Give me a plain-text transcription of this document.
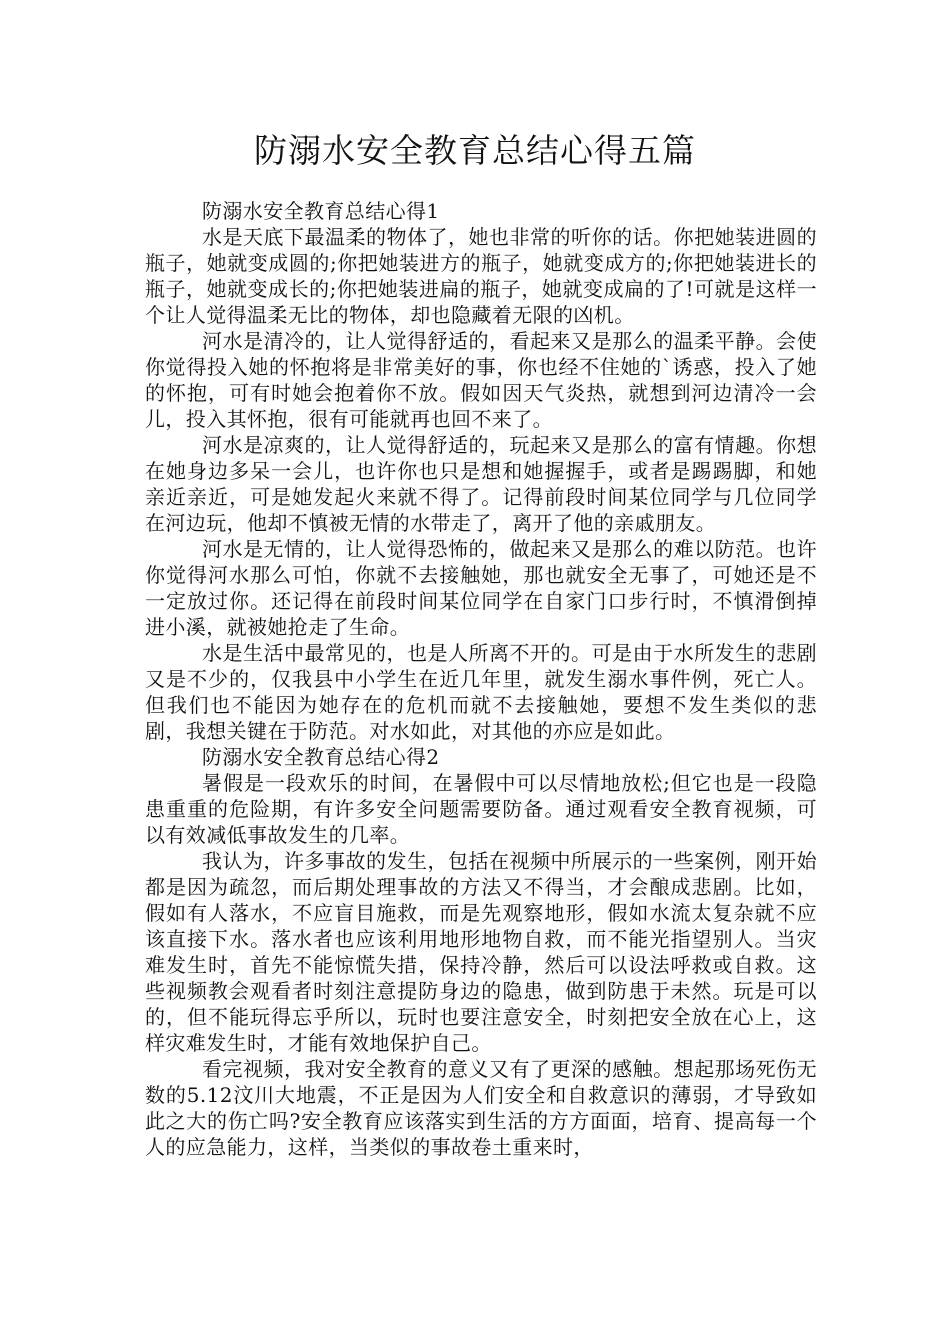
防溺水安全教育总结心得五篇

防溺水安全教育总结心得1

水是天底下最温柔的物体了，她也非常的听你的话。你把她装进圆的瓶子，她就变成圆的;你把她装进方的瓶子，她就变成方的;你把她装进长的瓶子，她就变成长的;你把她装进扁的瓶子，她就变成扁的了!可就是这样一个让人觉得温柔无比的物体，却也隐藏着无限的凶机。

河水是清冷的，让人觉得舒适的，看起来又是那么的温柔平静。会使你觉得投入她的怀抱将是非常美好的事，你也经不住她的`诱惑，投入了她的怀抱，可有时她会抱着你不放。假如因天气炎热，就想到河边清冷一会儿，投入其怀抱，很有可能就再也回不来了。

河水是凉爽的，让人觉得舒适的，玩起来又是那么的富有情趣。你想在她身边多呆一会儿，也许你也只是想和她握握手，或者是踢踢脚，和她亲近亲近，可是她发起火来就不得了。记得前段时间某位同学与几位同学在河边玩，他却不慎被无情的水带走了，离开了他的亲戚朋友。

河水是无情的，让人觉得恐怖的，做起来又是那么的难以防范。也许你觉得河水那么可怕，你就不去接触她，那也就安全无事了，可她还是不一定放过你。还记得在前段时间某位同学在自家门口步行时，不慎滑倒掉进小溪，就被她抢走了生命。

水是生活中最常见的，也是人所离不开的。可是由于水所发生的悲剧又是不少的，仅我县中小学生在近几年里，就发生溺水事件例，死亡人。但我们也不能因为她存在的危机而就不去接触她，要想不发生类似的悲剧，我想关键在于防范。对水如此，对其他的亦应是如此。

防溺水安全教育总结心得2

暑假是一段欢乐的时间，在暑假中可以尽情地放松;但它也是一段隐患重重的危险期，有许多安全问题需要防备。通过观看安全教育视频，可以有效减低事故发生的几率。

我认为，许多事故的发生，包括在视频中所展示的一些案例，刚开始都是因为疏忽，而后期处理事故的方法又不得当，才会酿成悲剧。比如，假如有人落水，不应盲目施救，而是先观察地形，假如水流太复杂就不应该直接下水。落水者也应该利用地形地物自救，而不能光指望别人。当灾难发生时，首先不能惊慌失措，保持冷静，然后可以设法呼救或自救。这些视频教会观看者时刻注意提防身边的隐患，做到防患于未然。玩是可以的，但不能玩得忘乎所以，玩时也要注意安全，时刻把安全放在心上，这样灾难发生时，才能有效地保护自己。

看完视频，我对安全教育的意义又有了更深的感触。想起那场死伤无数的5.12汶川大地震，不正是因为人们安全和自救意识的薄弱，才导致如此之大的伤亡吗?安全教育应该落实到生活的方方面面，培育、提高每一个人的应急能力，这样，当类似的事故卷土重来时，
